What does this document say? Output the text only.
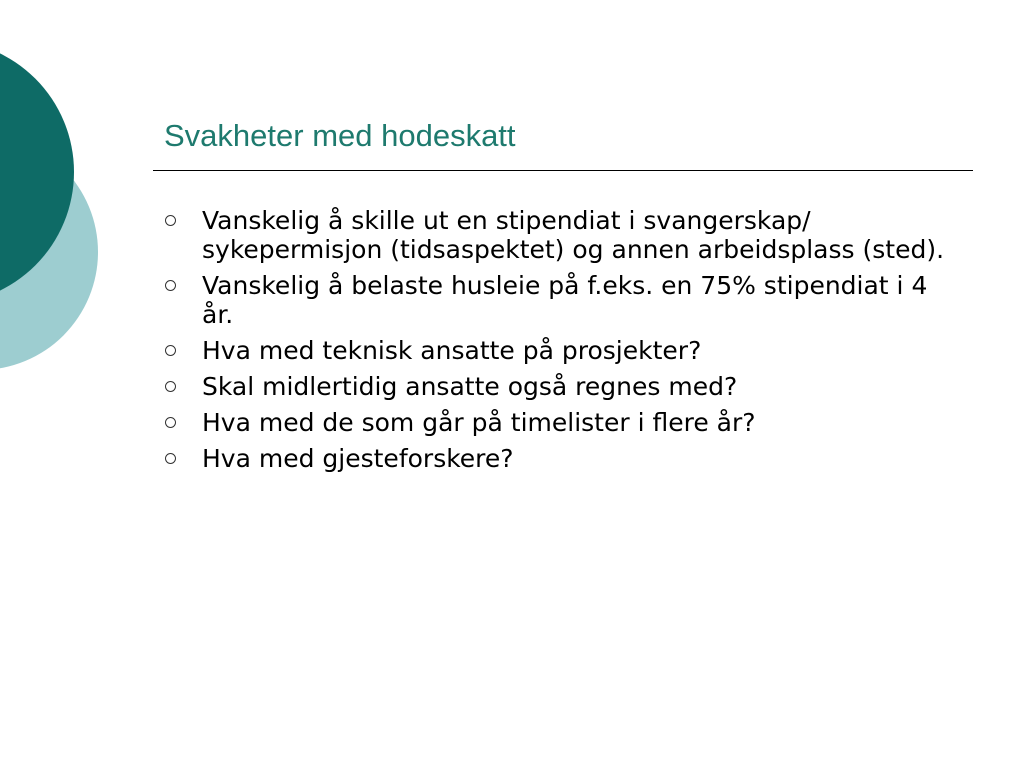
Svakheter med hodeskatt
Vanskelig å skille ut en stipendiat i svangerskap/ sykepermisjon (tidsaspektet) og annen arbeidsplass (sted).
Vanskelig å belaste husleie på f.eks. en 75% stipendiat i 4 år.
Hva med teknisk ansatte på prosjekter?
Skal midlertidig ansatte også regnes med?
Hva med de som går på timelister i flere år?
Hva med gjesteforskere?
